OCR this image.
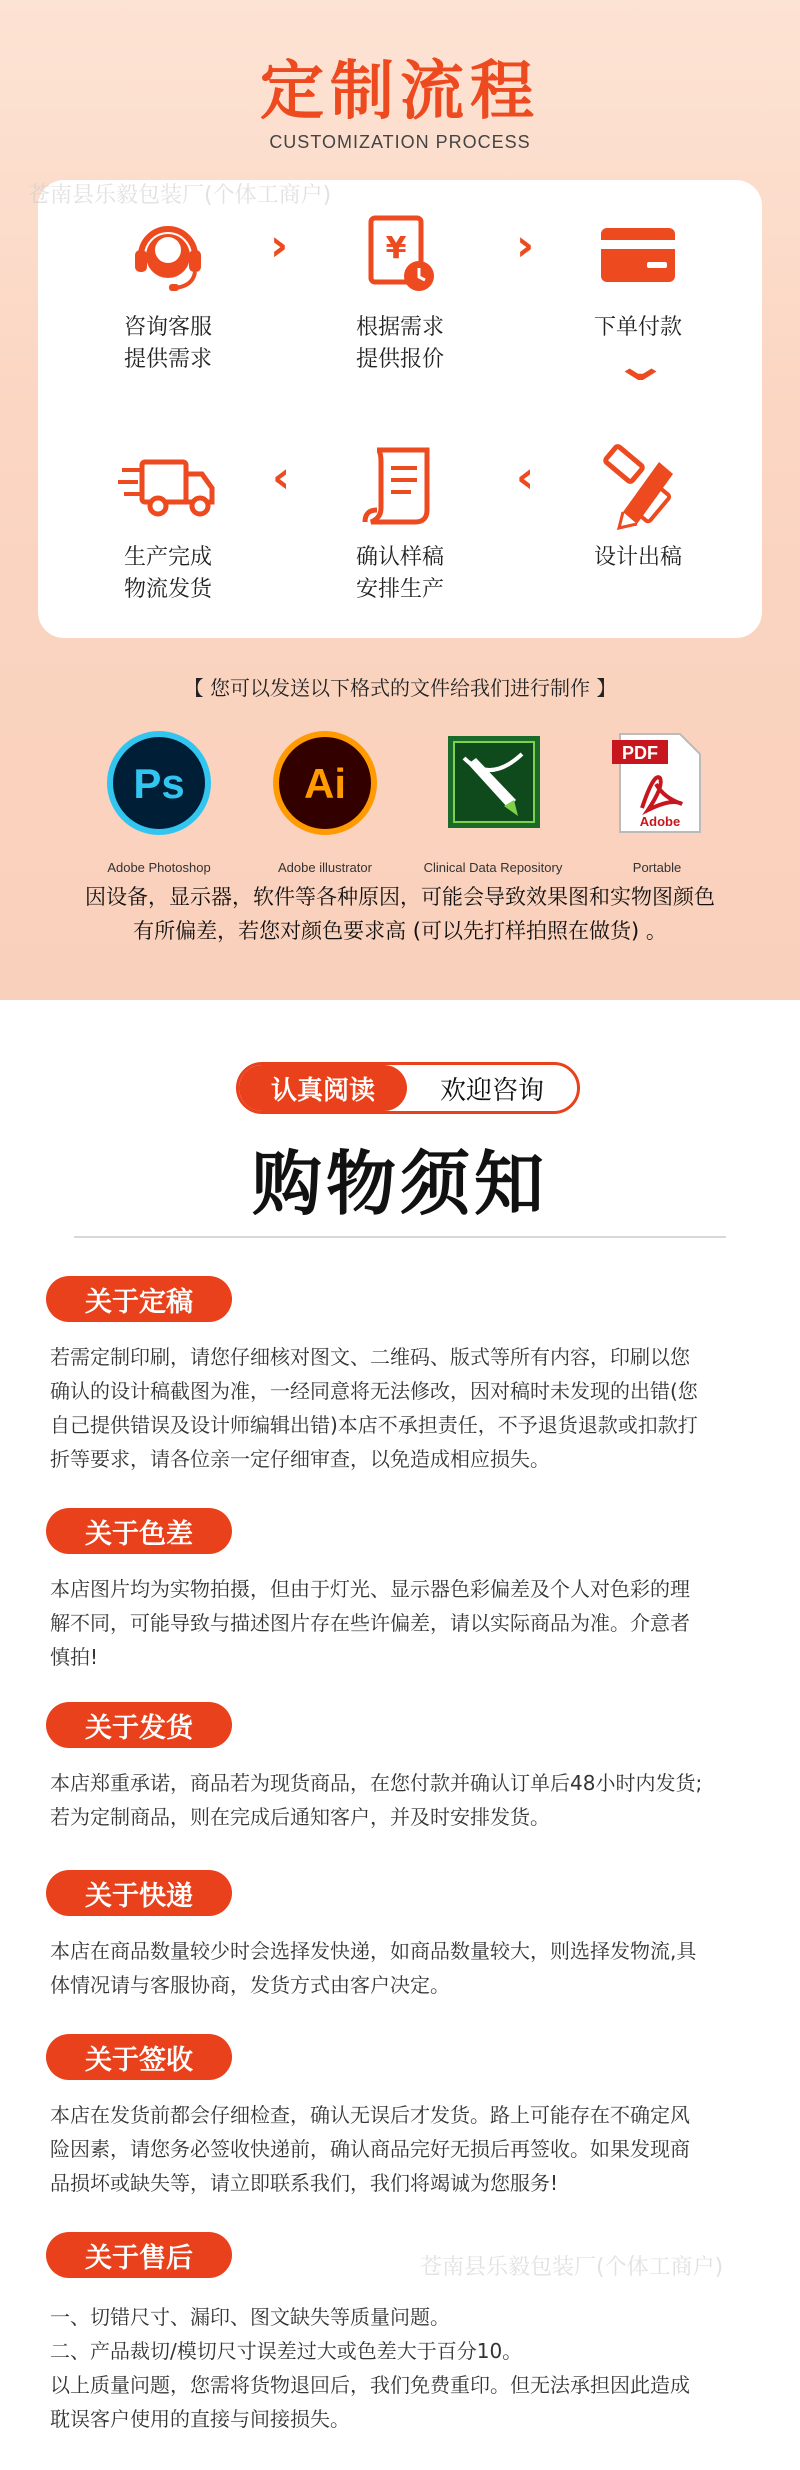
定制流程
CUSTOMIZATION PROCESS
咨询客服
提供需求
›	¥
根据需求
提供报价
›
下单付款
⌄
生产完成
物流发货
‹
确认样稿
安排生产
‹
设计出稿
苍南县乐毅包装厂(个体工商户)
【 您可以发送以下格式的文件给我们进行制作 】
Ps
Adobe Photoshop
Ai
Adobe illustrator	Clinical Data Repository
PDF
Adobe
Portable
因设备，显示器，软件等各种原因，可能会导致效果图和实物图颜色
有所偏差，若您对颜色要求高 (可以先打样拍照在做货) 。
认真阅读	欢迎咨询
购物须知
关于定稿

若需定制印刷，请您仔细核对图文、二维码、版式等所有内容，印刷以您

确认的设计稿截图为准，一经同意将无法修改，因对稿时未发现的出错(您

自己提供错误及设计师编辑出错)本店不承担责任，不予退货退款或扣款打

折等要求，请各位亲一定仔细审查，以免造成相应损失。

关于色差

本店图片均为实物拍摄，但由于灯光、显示器色彩偏差及个人对色彩的理

解不同，可能导致与描述图片存在些许偏差，请以实际商品为准。介意者

慎拍!

关于发货

本店郑重承诺，商品若为现货商品，在您付款并确认订单后48小时内发货;

若为定制商品，则在完成后通知客户，并及时安排发货。

关于快递

本店在商品数量较少时会选择发快递，如商品数量较大，则选择发物流,具

体情况请与客服协商，发货方式由客户决定。

关于签收

本店在发货前都会仔细检查，确认无误后才发货。路上可能存在不确定风

险因素，请您务必签收快递前，确认商品完好无损后再签收。如果发现商

品损坏或缺失等，请立即联系我们，我们将竭诚为您服务!

关于售后	苍南县乐毅包装厂(个体工商户)

一、切错尺寸、漏印、图文缺失等质量问题。

二、产品裁切/模切尺寸误差过大或色差大于百分10。

以上质量问题，您需将货物退回后，我们免费重印。但无法承担因此造成

耽误客户使用的直接与间接损失。
